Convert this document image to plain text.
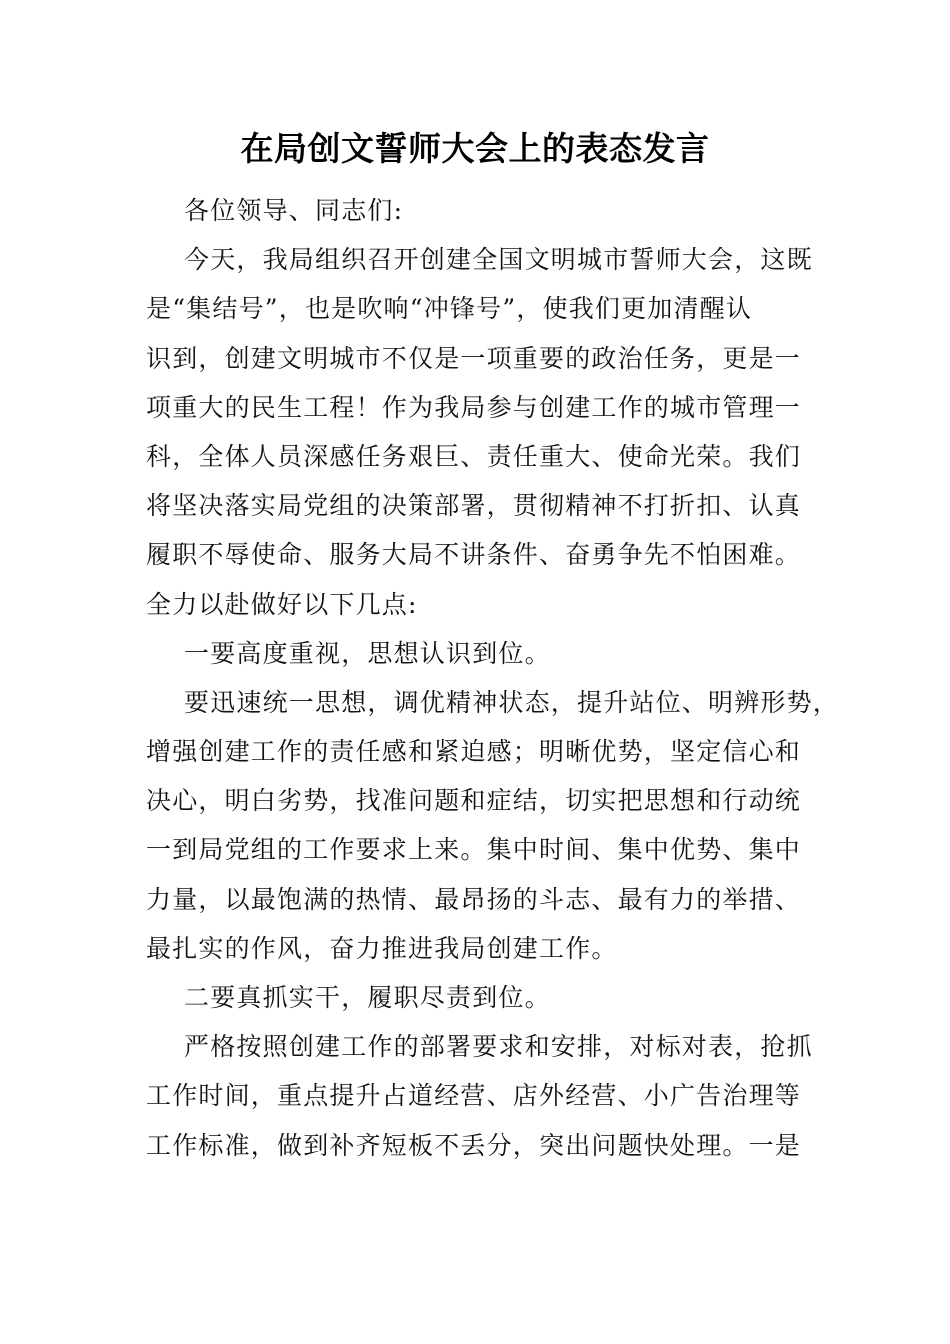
在局创文誓师大会上的表态发言
各位领导、同志们:
今天，我局组织召开创建全国文明城市誓师大会，这既
是“集结号”，也是吹响“冲锋号”，使我们更加清醒认
识到，创建文明城市不仅是一项重要的政治任务，更是一
项重大的民生工程！作为我局参与创建工作的城市管理一
科，全体人员深感任务艰巨、责任重大、使命光荣。我们
将坚决落实局党组的决策部署，贯彻精神不打折扣、认真
履职不辱使命、服务大局不讲条件、奋勇争先不怕困难。
全力以赴做好以下几点:
一要高度重视，思想认识到位。
要迅速统一思想，调优精神状态，提升站位、明辨形势，
增强创建工作的责任感和紧迫感；明晰优势，坚定信心和
决心，明白劣势，找准问题和症结，切实把思想和行动统
一到局党组的工作要求上来。集中时间、集中优势、集中
力量，以最饱满的热情、最昂扬的斗志、最有力的举措、
最扎实的作风，奋力推进我局创建工作。
二要真抓实干，履职尽责到位。
严格按照创建工作的部署要求和安排，对标对表，抢抓
工作时间，重点提升占道经营、店外经营、小广告治理等
工作标准，做到补齐短板不丢分，突出问题快处理。一是
